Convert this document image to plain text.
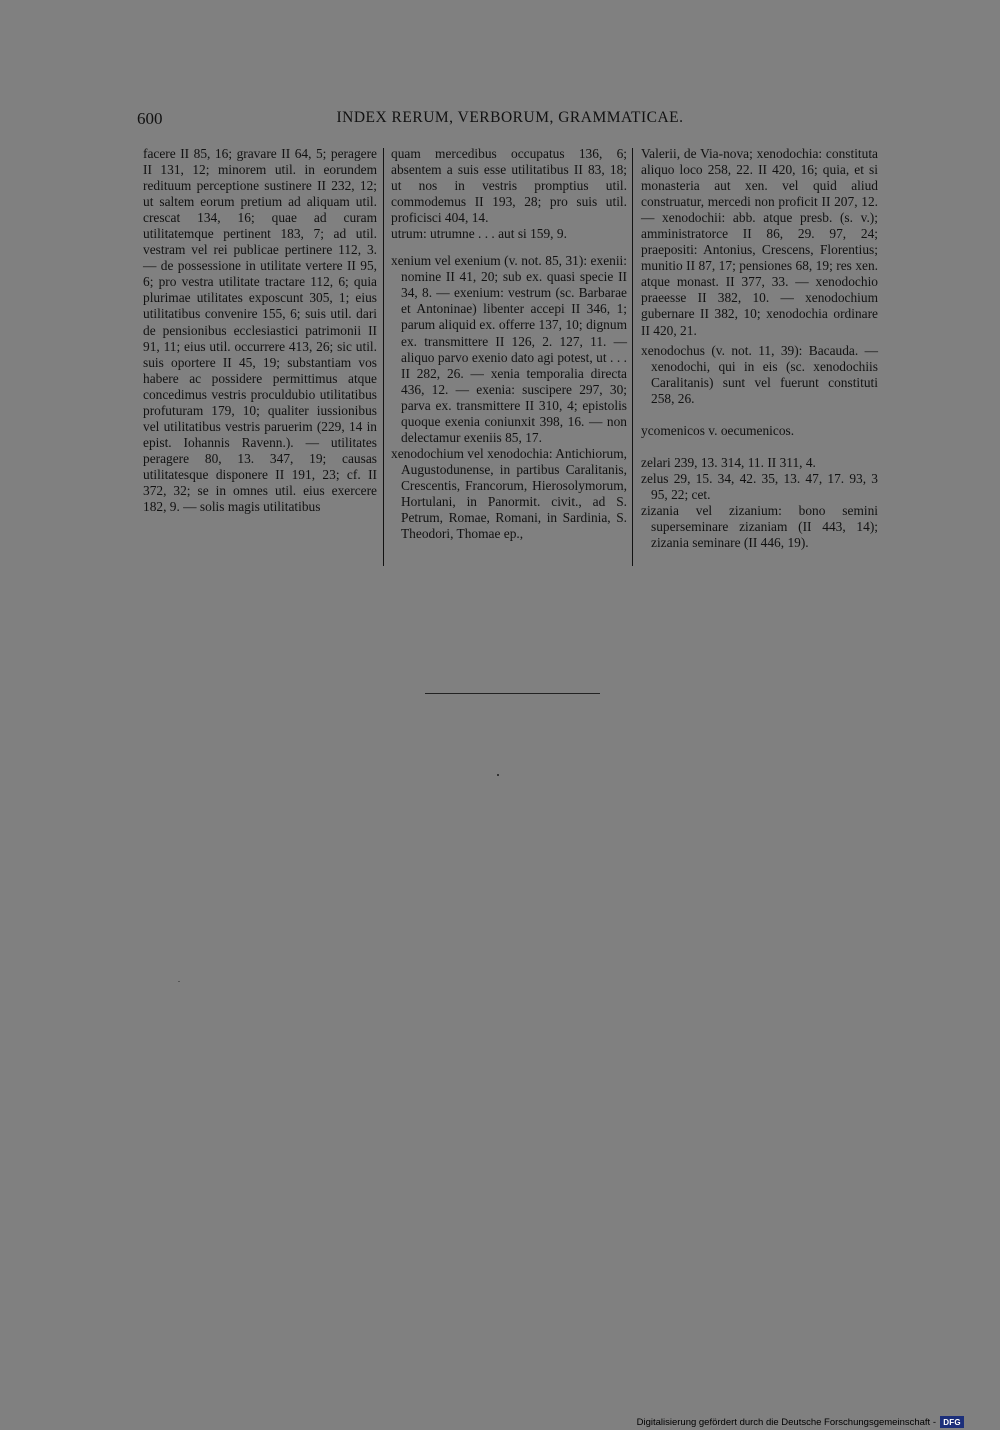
600	INDEX RERUM, VERBORUM, GRAMMATICAE.

facere II 85, 16; gravare II 64, 5; peragere II 131, 12; minorem util. in eorundem redituum perceptione sustinere II 232, 12; ut saltem eorum pretium ad aliquam util. crescat 134, 16; quae ad curam utilitatemque pertinent 183, 7; ad util. vestram vel rei publicae pertinere 112, 3. — de possessione in utilitate vertere II 95, 6; pro vestra utilitate tractare 112, 6; quia plurimae utilitates exposcunt 305, 1; eius utilitatibus convenire 155, 6; suis util. dari de pensionibus ecclesiastici patrimonii II 91, 11; eius util. occurrere 413, 26; sic util. suis oportere II 45, 19; substantiam vos habere ac possidere permittimus atque concedimus vestris proculdubio utilitatibus profuturam 179, 10; qualiter iussionibus vel utilitatibus vestris paruerim (229, 14 in epist. Iohannis Ravenn.). — utilitates peragere 80, 13. 347, 19; causas utilitatesque disponere II 191, 23; cf. II 372, 32; se in omnes util. eius exercere 182, 9. — solis magis utilitatibus

quam mercedibus occupatus 136, 6; absentem a suis esse utilitatibus II 83, 18; ut nos in vestris promptius util. commodemus II 193, 28; pro suis util. proficisci 404, 14.

utrum: utrumne . . . aut si 159, 9.

xenium vel exenium (v. not. 85, 31): exenii: nomine II 41, 20; sub ex. quasi specie II 34, 8. — exenium: vestrum (sc. Barbarae et Antoninae) libenter accepi II 346, 1; parum aliquid ex. offerre 137, 10; dignum ex. transmittere II 126, 2. 127, 11. — aliquo parvo exenio dato agi potest, ut . . . II 282, 26. — xenia temporalia directa 436, 12. — exenia: suscipere 297, 30; parva ex. transmittere II 310, 4; epistolis quoque exenia coniunxit 398, 16. — non delectamur exeniis 85, 17.

xenodochium vel xenodochia: Antichiorum, Augustodunense, in partibus Caralitanis, Crescentis, Francorum, Hierosolymorum, Hortulani, in Panormit. civit., ad S. Petrum, Romae, Romani, in Sardinia, S. Theodori, Thomae ep.,

Valerii, de Via-nova; xenodochia: constituta aliquo loco 258, 22. II 420, 16; quia, et si monasteria aut xen. vel quid aliud construatur, mercedi non proficit II 207, 12. — xenodochii: abb. atque presb. (s. v.); amministratorce II 86, 29. 97, 24; praepositi: Antonius, Crescens, Florentius; munitio II 87, 17; pensiones 68, 19; res xen. atque monast. II 377, 33. — xenodochio praeesse II 382, 10. — xenodochium gubernare II 382, 10; xenodochia ordinare II 420, 21.

xenodochus (v. not. 11, 39): Bacauda. — xenodochi, qui in eis (sc. xenodochiis Caralitanis) sunt vel fuerunt constituti 258, 26.

ycomenicos v. oecumenicos.

zelari 239, 13. 314, 11. II 311, 4.

zelus 29, 15. 34, 42. 35, 13. 47, 17. 93, 3 95, 22; cet.

zizania vel zizanium: bono semini superseminare zizaniam (II 443, 14); zizania seminare (II 446, 19).

Digitalisierung gefördert durch die Deutsche Forschungsgemeinschaft - DFG
